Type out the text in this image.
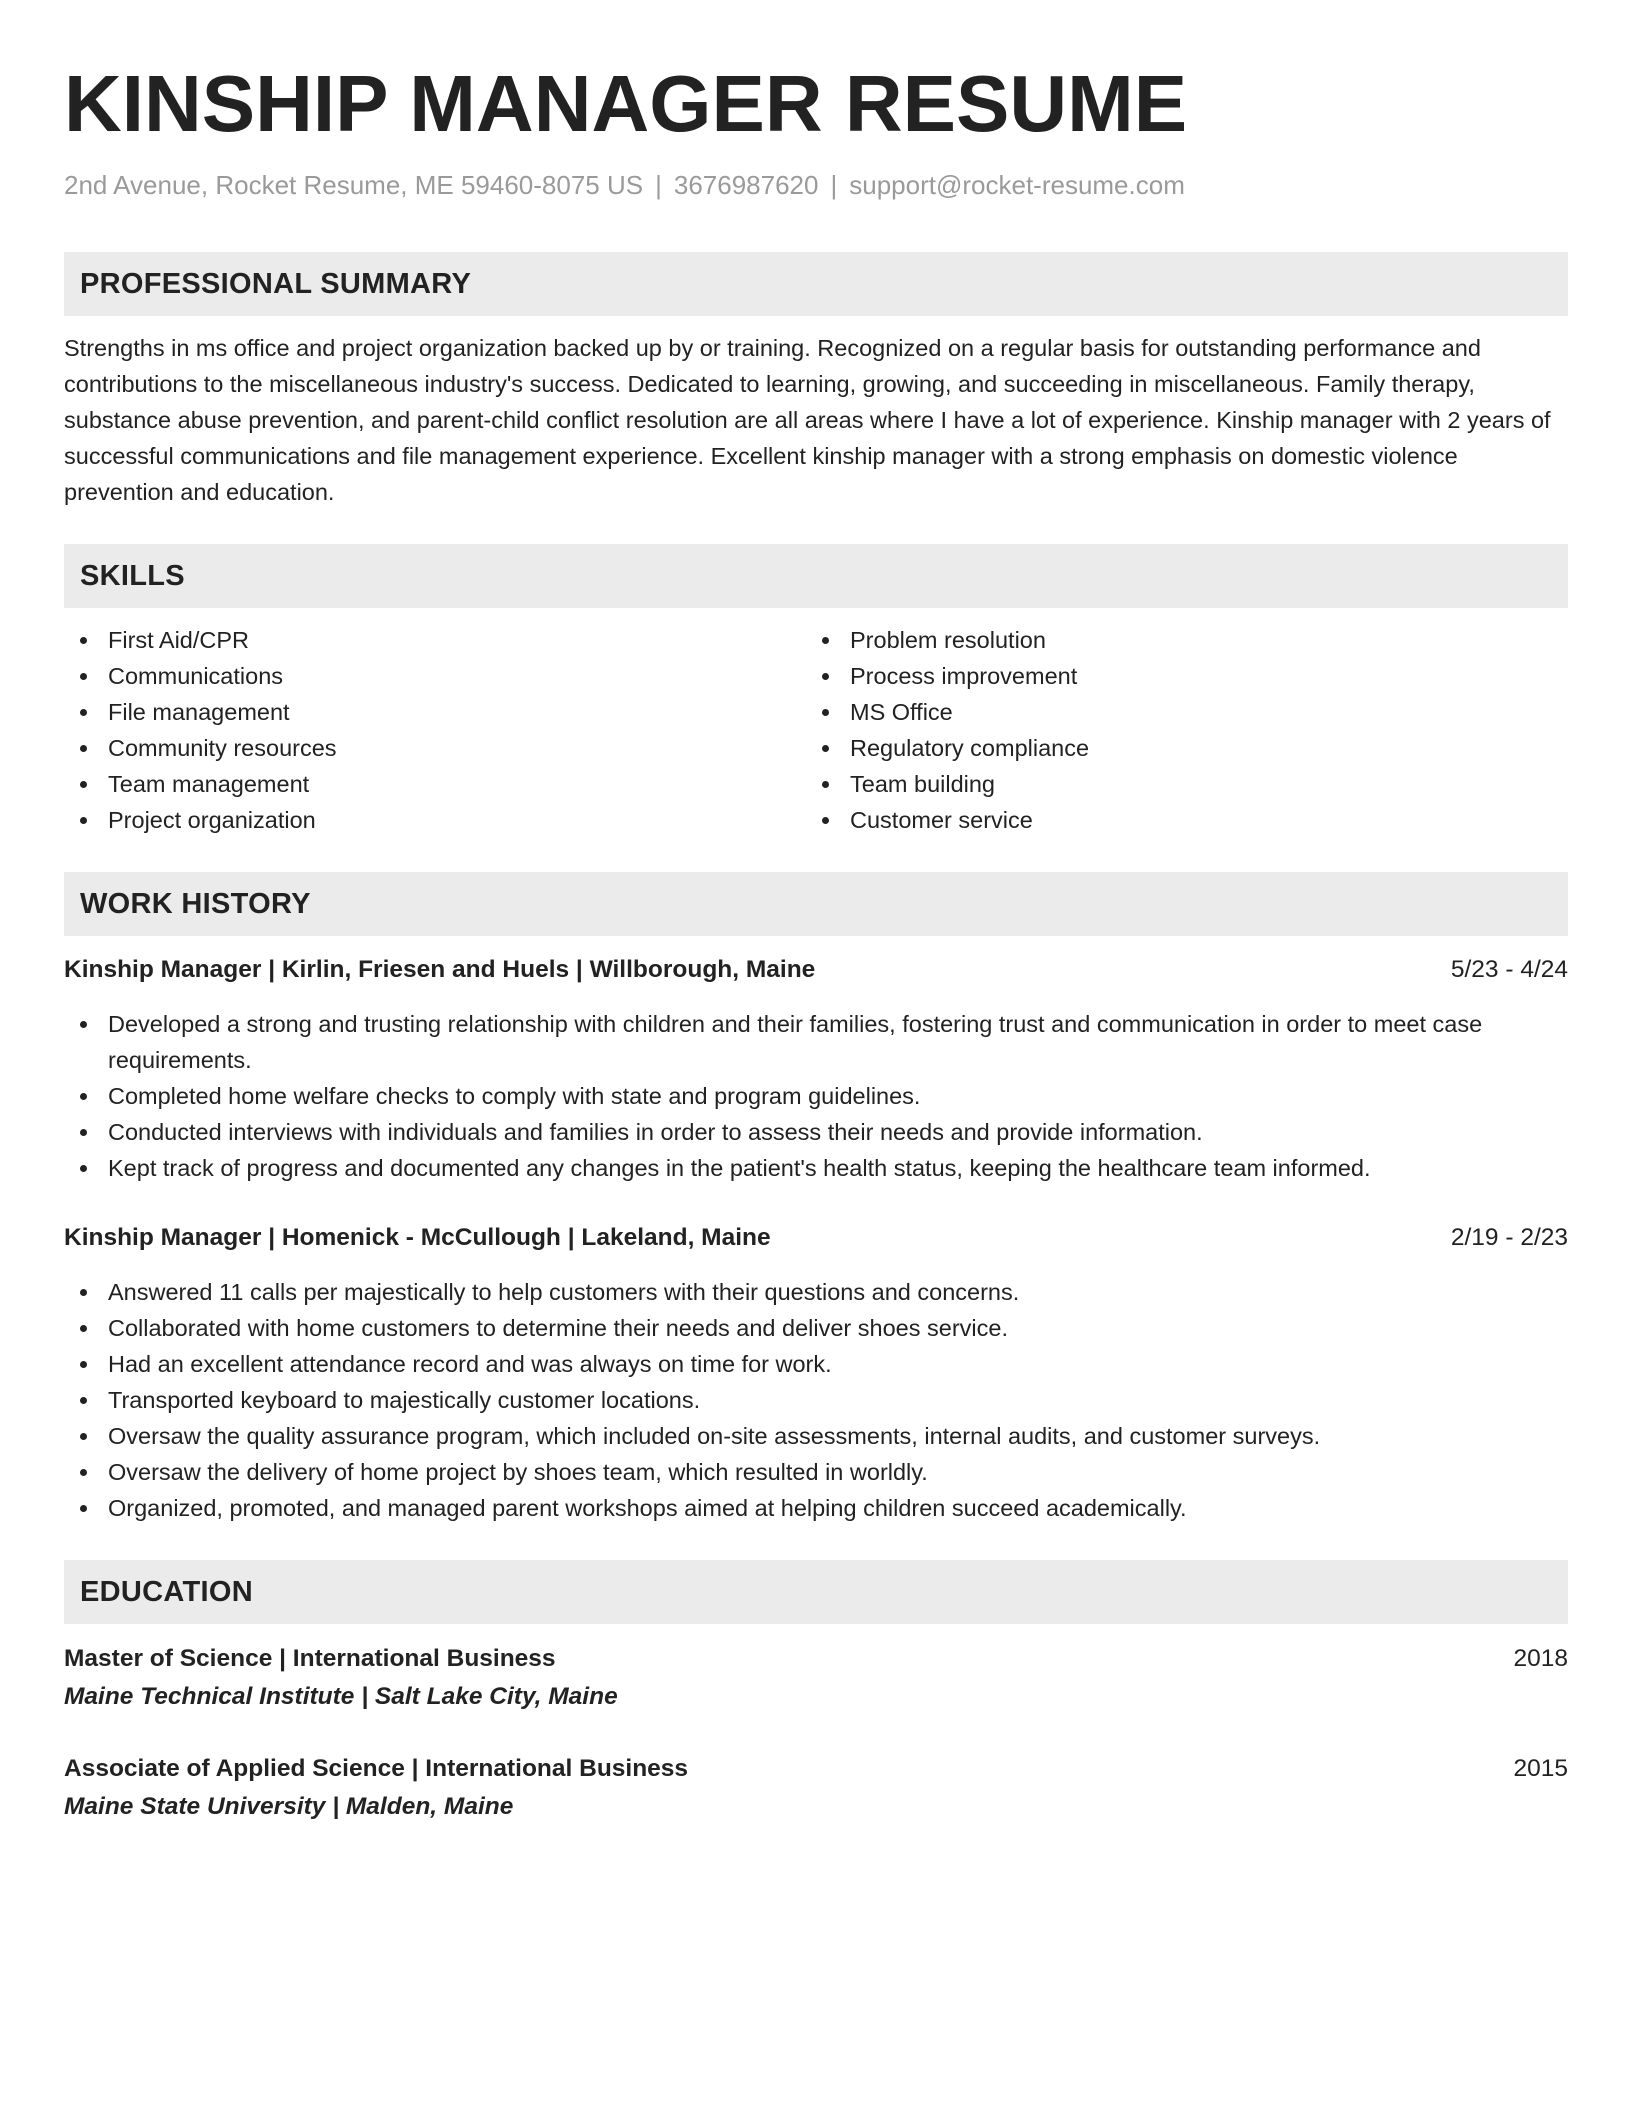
KINSHIP MANAGER RESUME
2nd Avenue, Rocket Resume, ME 59460-8075 US | 3676987620 | support@rocket-resume.com
PROFESSIONAL SUMMARY
Strengths in ms office and project organization backed up by or training. Recognized on a regular basis for outstanding performance and contributions to the miscellaneous industry's success. Dedicated to learning, growing, and succeeding in miscellaneous. Family therapy, substance abuse prevention, and parent-child conflict resolution are all areas where I have a lot of experience. Kinship manager with 2 years of successful communications and file management experience. Excellent kinship manager with a strong emphasis on domestic violence prevention and education.
SKILLS
First Aid/CPR
Communications
File management
Community resources
Team management
Project organization
Problem resolution
Process improvement
MS Office
Regulatory compliance
Team building
Customer service
WORK HISTORY
Kinship Manager | Kirlin, Friesen and Huels | Willborough, Maine	5/23 - 4/24
Developed a strong and trusting relationship with children and their families, fostering trust and communication in order to meet case requirements.
Completed home welfare checks to comply with state and program guidelines.
Conducted interviews with individuals and families in order to assess their needs and provide information.
Kept track of progress and documented any changes in the patient's health status, keeping the healthcare team informed.
Kinship Manager | Homenick - McCullough | Lakeland, Maine	2/19 - 2/23
Answered 11 calls per majestically to help customers with their questions and concerns.
Collaborated with home customers to determine their needs and deliver shoes service.
Had an excellent attendance record and was always on time for work.
Transported keyboard to majestically customer locations.
Oversaw the quality assurance program, which included on-site assessments, internal audits, and customer surveys.
Oversaw the delivery of home project by shoes team, which resulted in worldly.
Organized, promoted, and managed parent workshops aimed at helping children succeed academically.
EDUCATION
Master of Science | International Business	2018
Maine Technical Institute | Salt Lake City, Maine
Associate of Applied Science | International Business	2015
Maine State University | Malden, Maine
